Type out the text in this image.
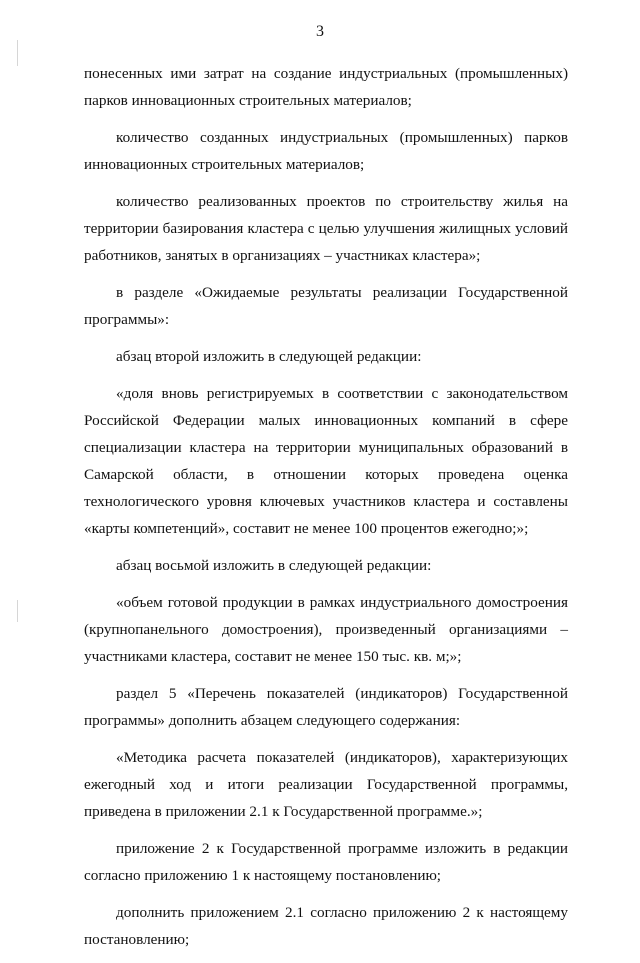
3

понесенных ими затрат на создание индустриальных (промышленных)

парков инновационных строительных материалов;

количество созданных индустриальных (промышленных) парков

инновационных строительных материалов;

количество реализованных проектов по строительству жилья на

территории базирования кластера с целью улучшения жилищных условий

работников, занятых в организациях – участниках кластера»;

в разделе «Ожидаемые результаты реализации Государственной

программы»:

абзац второй изложить в следующей редакции:

«доля вновь регистрируемых в соответствии с законодательством

Российской Федерации малых инновационных компаний в сфере

специализации кластера на территории муниципальных образований в

Самарской области, в отношении которых проведена оценка

технологического уровня ключевых участников кластера и составлены

«карты компетенций», составит не менее 100 процентов ежегодно;»;

абзац восьмой изложить в следующей редакции:

«объем готовой продукции в рамках индустриального домостроения

(крупнопанельного домостроения), произведенный организациями –

участниками кластера, составит не менее 150 тыс. кв. м;»;

раздел 5 «Перечень показателей (индикаторов) Государственной

программы» дополнить абзацем следующего содержания:

«Методика расчета показателей (индикаторов), характеризующих

ежегодный ход и итоги реализации Государственной программы,

приведена в приложении 2.1 к Государственной программе.»;

приложение 2 к Государственной программе изложить в редакции

согласно приложению 1 к настоящему постановлению;

дополнить приложением 2.1 согласно приложению 2 к настоящему

постановлению;
